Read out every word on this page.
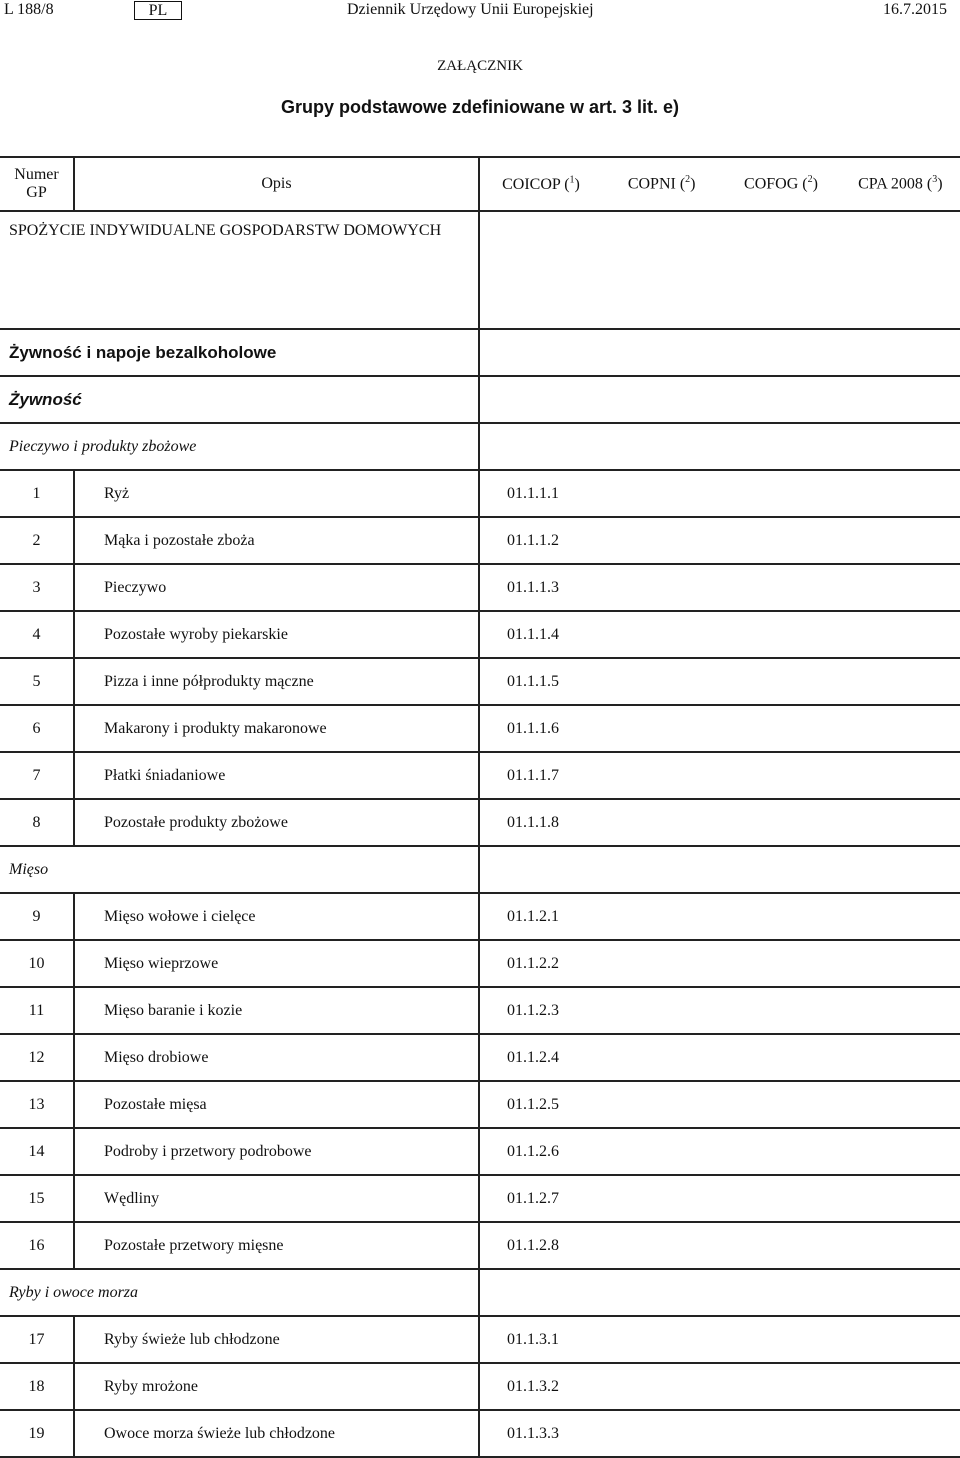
L 188/8	PL	Dziennik Urzędowy Unii Europejskiej	16.7.2015
ZAŁĄCZNIK
Grupy podstawowe zdefiniowane w art. 3 lit. e)
Numer
GP	Opis	COICOP ($^1$)	COPNI ($^2$)	COFOG ($^2$)	CPA 2008 ($^3$)
SPOŻYCIE INDYWIDUALNE GOSPODARSTW DOMOWYCH					
Żywność i napoje bezalkoholowe					
Żywność					
Pieczywo i produkty zbożowe					
1	Ryż	01.1.1.1			
2	Mąka i pozostałe zboża	01.1.1.2			
3	Pieczywo	01.1.1.3			
4	Pozostałe wyroby piekarskie	01.1.1.4			
5	Pizza i inne półprodukty mączne	01.1.1.5			
6	Makarony i produkty makaronowe	01.1.1.6			
7	Płatki śniadaniowe	01.1.1.7			
8	Pozostałe produkty zbożowe	01.1.1.8			
Mięso					
9	Mięso wołowe i cielęce	01.1.2.1			
10	Mięso wieprzowe	01.1.2.2			
11	Mięso baranie i kozie	01.1.2.3			
12	Mięso drobiowe	01.1.2.4			
13	Pozostałe mięsa	01.1.2.5			
14	Podroby i przetwory podrobowe	01.1.2.6			
15	Wędliny	01.1.2.7			
16	Pozostałe przetwory mięsne	01.1.2.8			
Ryby i owoce morza					
17	Ryby świeże lub chłodzone	01.1.3.1			
18	Ryby mrożone	01.1.3.2			
19	Owoce morza świeże lub chłodzone	01.1.3.3			
